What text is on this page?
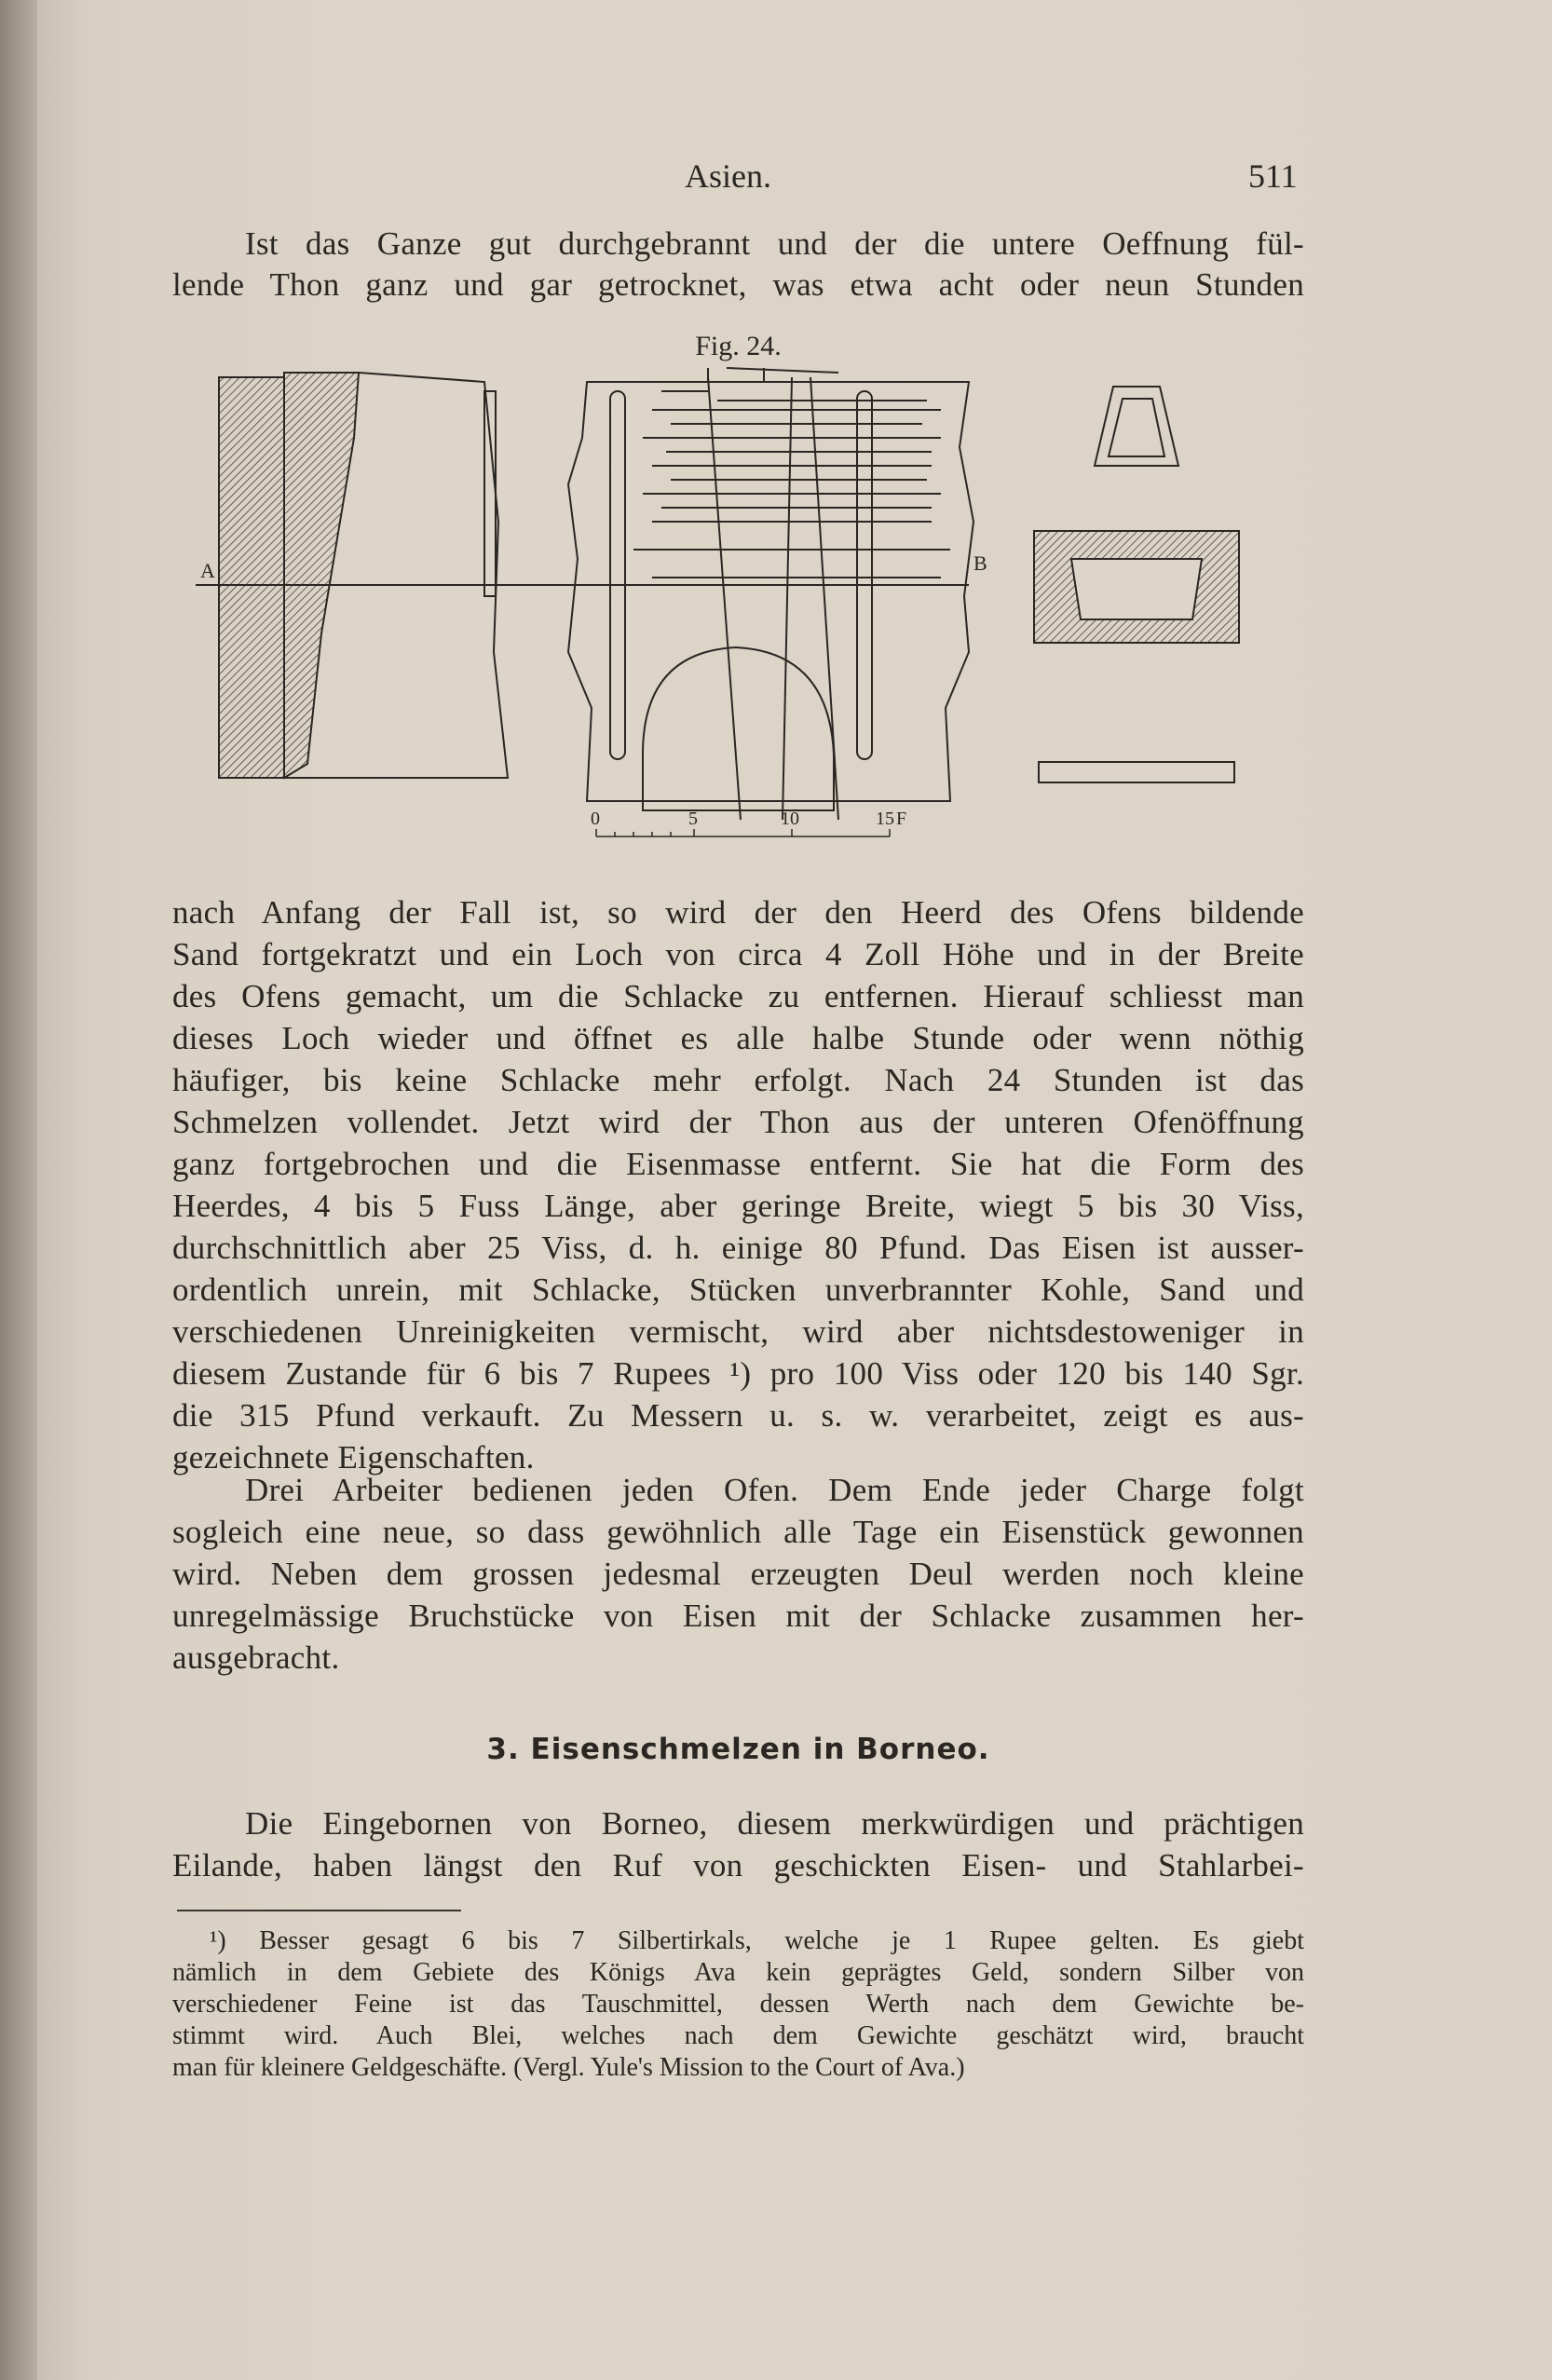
Asien.	511
Ist das Ganze gut durchgebrannt und der die untere Oeffnung fül-
lende Thon ganz und gar getrocknet, was etwa acht oder neun Stunden
Fig. 24.
A	B
0	5	10	15 F
nach Anfang der Fall ist, so wird der den Heerd des Ofens bildende
Sand fortgekratzt und ein Loch von circa 4 Zoll Höhe und in der Breite
des Ofens gemacht, um die Schlacke zu entfernen. Hierauf schliesst man
dieses Loch wieder und öffnet es alle halbe Stunde oder wenn nöthig
häufiger, bis keine Schlacke mehr erfolgt. Nach 24 Stunden ist das
Schmelzen vollendet. Jetzt wird der Thon aus der unteren Ofenöffnung
ganz fortgebrochen und die Eisenmasse entfernt. Sie hat die Form des
Heerdes, 4 bis 5 Fuss Länge, aber geringe Breite, wiegt 5 bis 30 Viss,
durchschnittlich aber 25 Viss, d. h. einige 80 Pfund. Das Eisen ist ausser-
ordentlich unrein, mit Schlacke, Stücken unverbrannter Kohle, Sand und
verschiedenen Unreinigkeiten vermischt, wird aber nichtsdestoweniger in
diesem Zustande für 6 bis 7 Rupees ¹) pro 100 Viss oder 120 bis 140 Sgr.
die 315 Pfund verkauft. Zu Messern u. s. w. verarbeitet, zeigt es aus-
gezeichnete Eigenschaften.
Drei Arbeiter bedienen jeden Ofen. Dem Ende jeder Charge folgt
sogleich eine neue, so dass gewöhnlich alle Tage ein Eisenstück gewonnen
wird. Neben dem grossen jedesmal erzeugten Deul werden noch kleine
unregelmässige Bruchstücke von Eisen mit der Schlacke zusammen her-
ausgebracht.
3. Eisenschmelzen in Borneo.
Die Eingebornen von Borneo, diesem merkwürdigen und prächtigen
Eilande, haben längst den Ruf von geschickten Eisen- und Stahlarbei-
¹) Besser gesagt 6 bis 7 Silbertirkals, welche je 1 Rupee gelten. Es giebt
nämlich in dem Gebiete des Königs Ava kein geprägtes Geld, sondern Silber von
verschiedener Feine ist das Tauschmittel, dessen Werth nach dem Gewichte be-
stimmt wird. Auch Blei, welches nach dem Gewichte geschätzt wird, braucht
man für kleinere Geldgeschäfte. (Vergl. Yule's Mission to the Court of Ava.)
